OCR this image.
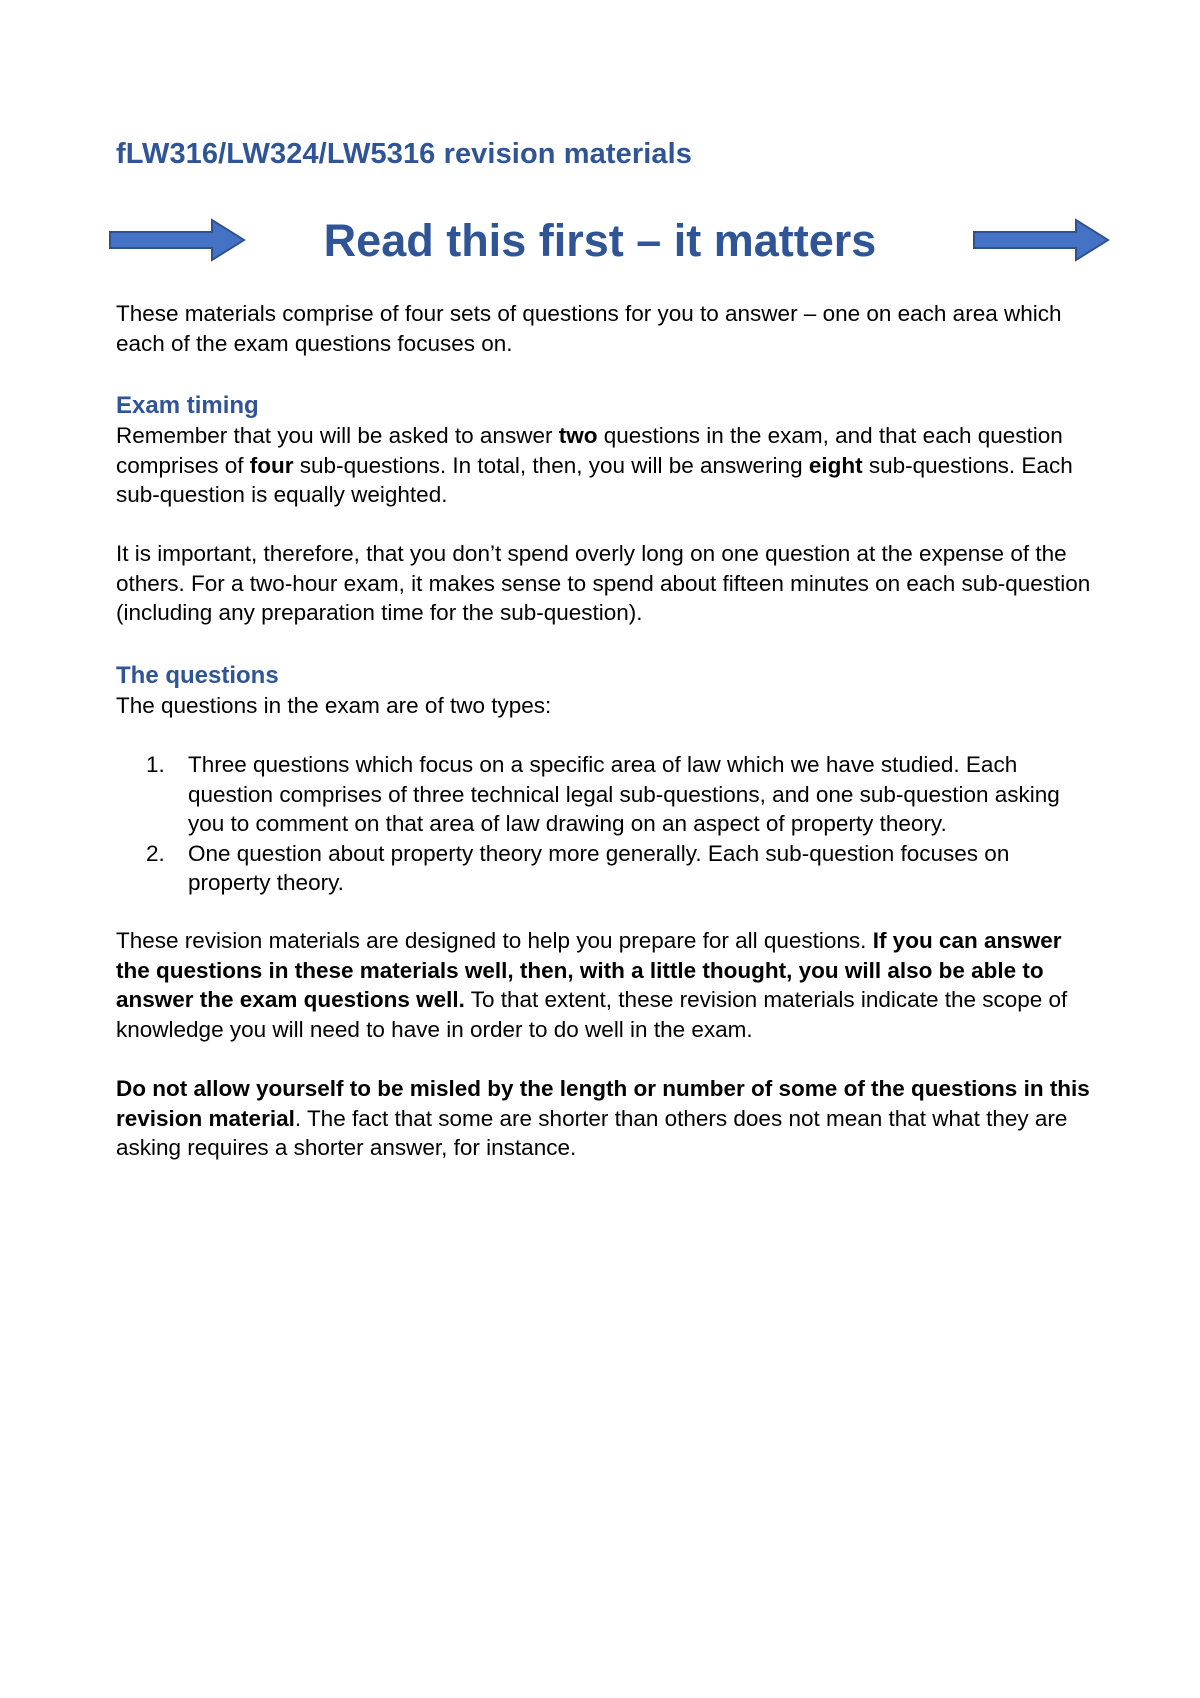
fLW316/LW324/LW5316 revision materials

Read this first – it matters

These materials comprise of four sets of questions for you to answer – one on each area which each of the exam questions focuses on.

Exam timing

Remember that you will be asked to answer two questions in the exam, and that each question comprises of four sub-questions. In total, then, you will be answering eight sub-questions. Each sub-question is equally weighted.

It is important, therefore, that you don’t spend overly long on one question at the expense of the others. For a two-hour exam, it makes sense to spend about fifteen minutes on each sub-question (including any preparation time for the sub-question).

The questions

The questions in the exam are of two types:

1. Three questions which focus on a specific area of law which we have studied. Each question comprises of three technical legal sub-questions, and one sub-question asking you to comment on that area of law drawing on an aspect of property theory.
2. One question about property theory more generally. Each sub-question focuses on property theory.

These revision materials are designed to help you prepare for all questions. If you can answer the questions in these materials well, then, with a little thought, you will also be able to answer the exam questions well. To that extent, these revision materials indicate the scope of knowledge you will need to have in order to do well in the exam.

Do not allow yourself to be misled by the length or number of some of the questions in this revision material. The fact that some are shorter than others does not mean that what they are asking requires a shorter answer, for instance.
